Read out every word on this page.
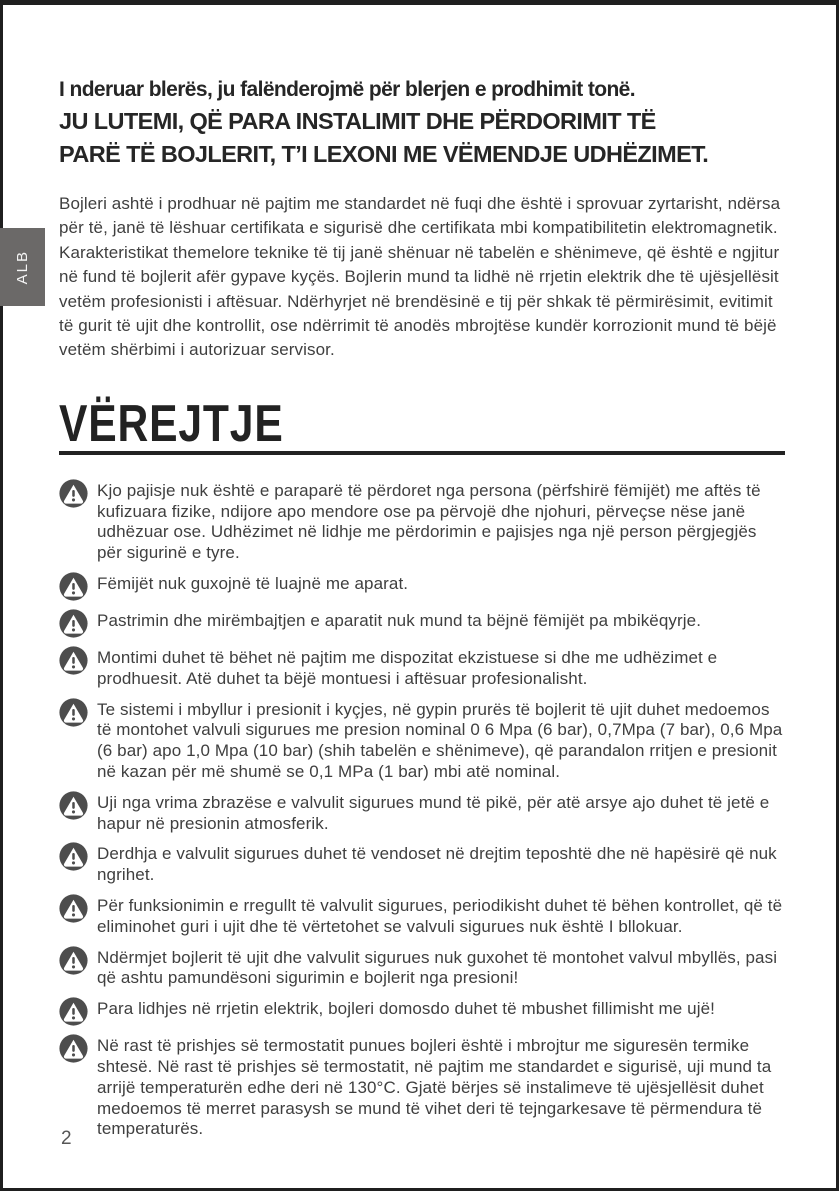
ALB
I nderuar blerës, ju falënderojmë për blerjen e prodhimit tonë.
JU LUTEMI, QË PARA INSTALIMIT DHE PËRDORIMIT TË
PARË TË BOJLERIT, T’I LEXONI ME VËMENDJE UDHËZIMET.

Bojleri ashtë i prodhuar në pajtim me standardet në fuqi dhe është i sprovuar zyrtarisht, ndërsa për të, janë të lëshuar certifikata e sigurisë dhe certifikata mbi kompatibilitetin elektromagnetik. Karakteristikat themelore teknike të tij janë shënuar në tabelën e shënimeve, që është e ngjitur në fund të bojlerit afër gypave kyçës. Bojlerin mund ta lidhë në rrjetin elektrik dhe të ujësjellësit vetëm profesionisti i aftësuar. Ndërhyrjet në brendësinë e tij për shkak të përmirësimit, evitimit të gurit të ujit dhe kontrollit, ose ndërrimit të anodës mbrojtëse kundër korrozionit mund të bëjë vetëm shërbimi i autorizuar servisor.

VËREJTJE
Kjo pajisje nuk është e paraparë të përdoret nga persona (përfshirë fëmijët) me aftës të kufizuara fizike, ndijore apo mendore ose pa përvojë dhe njohuri, përveçse nëse janë udhëzuar ose. Udhëzimet në lidhje me përdorimin e pajisjes nga një person përgjegjës për sigurinë e tyre.
Fëmijët nuk guxojnë të luajnë me aparat.
Pastrimin dhe mirëmbajtjen e aparatit nuk mund ta bëjnë fëmijët pa mbikëqyrje.
Montimi duhet të bëhet në pajtim me dispozitat ekzistuese si dhe me udhëzimet e prodhuesit. Atë duhet ta bëjë montuesi i aftësuar profesionalisht.
Te sistemi i mbyllur i presionit i kyçjes, në gypin prurës të bojlerit të ujit duhet medoemos të montohet valvuli sigurues me presion nominal 0 6 Mpa (6 bar), 0,7Mpa (7 bar), 0,6 Mpa (6 bar) apo 1,0 Mpa (10 bar) (shih tabelën e shënimeve), që parandalon rritjen e presionit në kazan për më shumë se 0,1 MPa (1 bar) mbi atë nominal.
Uji nga vrima zbrazëse e valvulit sigurues mund të pikë, për atë arsye ajo duhet të jetë e hapur në presionin atmosferik.
Derdhja e valvulit sigurues duhet të vendoset në drejtim teposhtë dhe në hapësirë që nuk ngrihet.
Për funksionimin e rregullt të valvulit sigurues, periodikisht duhet të bëhen kontrollet, që të eliminohet guri i ujit dhe të vërtetohet se valvuli sigurues nuk është I bllokuar.
Ndërmjet bojlerit të ujit dhe valvulit sigurues nuk guxohet të montohet valvul mbyllës, pasi që ashtu pamundësoni sigurimin e bojlerit nga presioni!
Para lidhjes në rrjetin elektrik, bojleri domosdo duhet të mbushet fillimisht me ujë!
Në rast të prishjes së termostatit punues bojleri është i mbrojtur me siguresën termike shtesë. Në rast të prishjes së termostatit, në pajtim me standardet e sigurisë, uji mund ta arrijë temperaturën edhe deri në 130°C. Gjatë bërjes së instalimeve të ujësjellësit duhet medoemos të merret parasysh se mund të vihet deri të tejngarkesave të përmendura të temperaturës.
2
